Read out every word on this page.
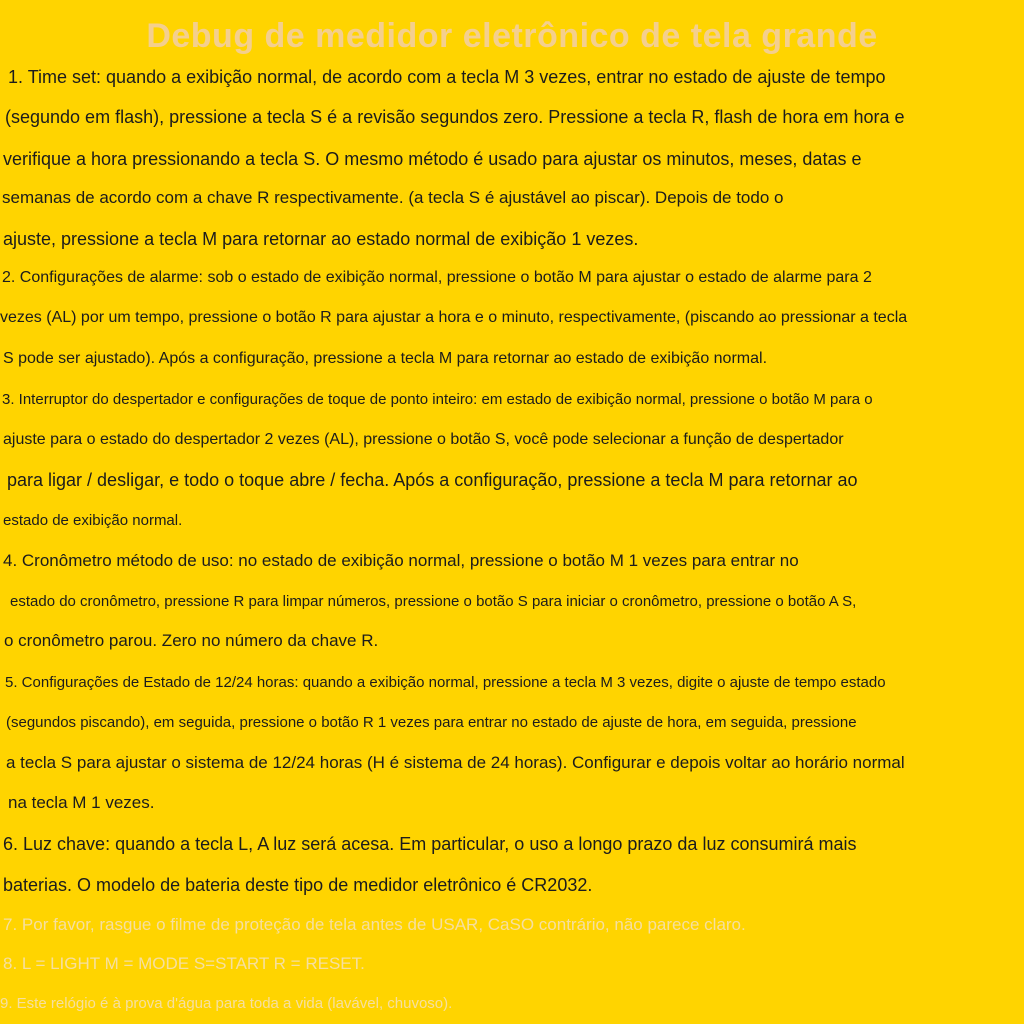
Debug de medidor eletrônico de tela grande
1. Time set: quando a exibição normal, de acordo com a tecla M 3 vezes, entrar no estado de ajuste de tempo
(segundo em flash), pressione a tecla S é a revisão segundos zero. Pressione a tecla R, flash de hora em hora e
verifique a hora pressionando a tecla S. O mesmo método é usado para ajustar os minutos, meses, datas e
semanas de acordo com a chave R respectivamente. (a tecla S é ajustável ao piscar). Depois de todo o
ajuste, pressione a tecla M para retornar ao estado normal de exibição 1 vezes.
2. Configurações de alarme: sob o estado de exibição normal, pressione o botão M para ajustar o estado de alarme para 2
vezes (AL) por um tempo, pressione o botão R para ajustar a hora e o minuto, respectivamente, (piscando ao pressionar a tecla
S pode ser ajustado). Após a configuração, pressione a tecla M para retornar ao estado de exibição normal.
3. Interruptor do despertador e configurações de toque de ponto inteiro: em estado de exibição normal, pressione o botão M para o
ajuste para o estado do despertador 2 vezes (AL), pressione o botão S, você pode selecionar a função de despertador
para ligar / desligar, e todo o toque abre / fecha. Após a configuração, pressione a tecla M para retornar ao
estado de exibição normal.
4. Cronômetro método de uso: no estado de exibição normal, pressione o botão M 1 vezes para entrar no
estado do cronômetro, pressione R para limpar números, pressione o botão S para iniciar o cronômetro, pressione o botão A S,
o cronômetro parou. Zero no número da chave R.
5. Configurações de Estado de 12/24 horas: quando a exibição normal, pressione a tecla M 3 vezes, digite o ajuste de tempo estado
(segundos piscando), em seguida, pressione o botão R 1 vezes para entrar no estado de ajuste de hora, em seguida, pressione
a tecla S para ajustar o sistema de 12/24 horas (H é sistema de 24 horas). Configurar e depois voltar ao horário normal
na tecla M 1 vezes.
6. Luz chave: quando a tecla L, A luz será acesa. Em particular, o uso a longo prazo da luz consumirá mais
baterias. O modelo de bateria deste tipo de medidor eletrônico é CR2032.
7. Por favor, rasgue o filme de proteção de tela antes de USAR, CaSO contrário, não parece claro.
8. L = LIGHT M = MODE S=START R = RESET.
9. Este relógio é à prova d'água para toda a vida (lavável, chuvoso).
